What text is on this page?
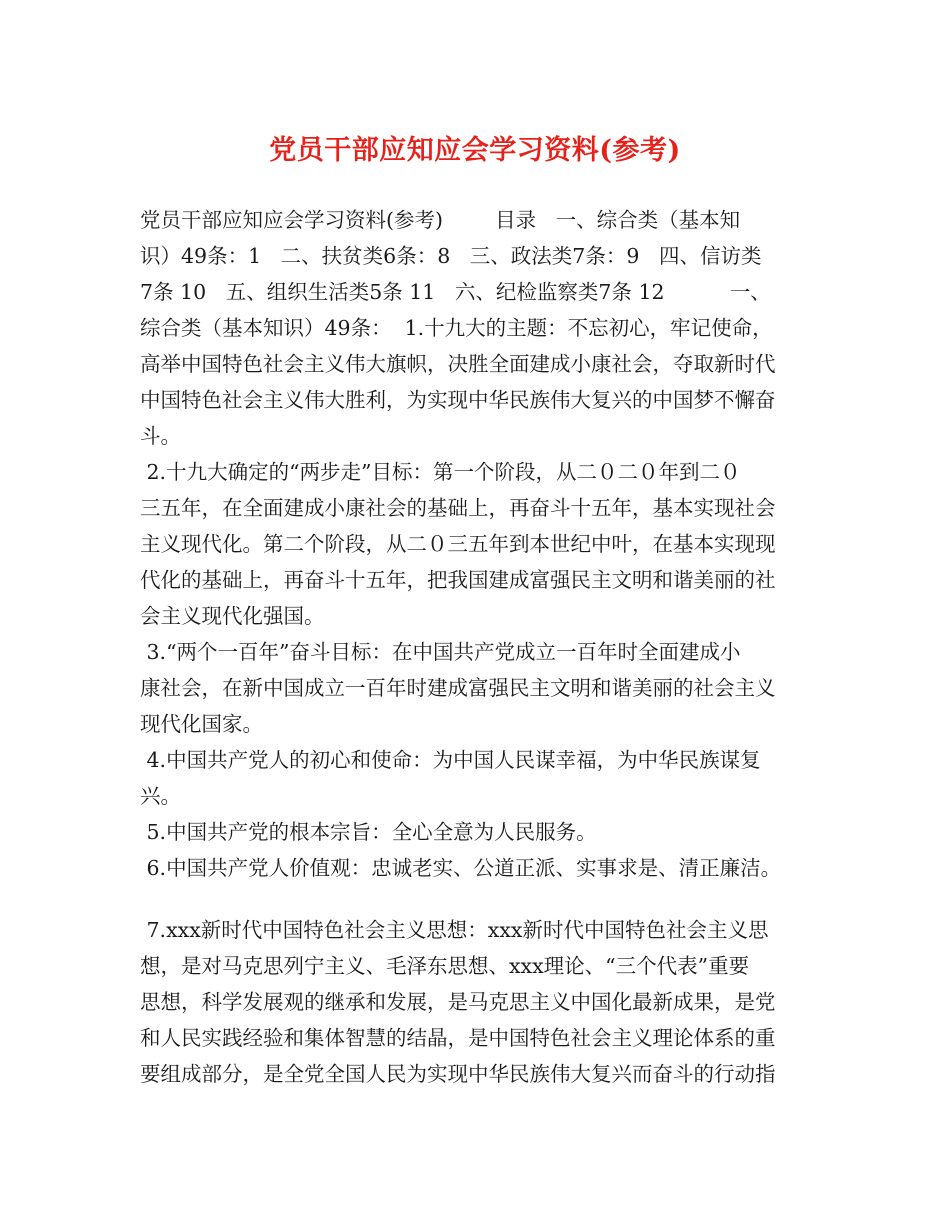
党员干部应知应会学习资料(参考)
党员干部应知应会学习资料(参考)        目录   一、综合类（基本知
识）49条：1   二、扶贫类6条：8   三、政法类7条：9   四、信访类
7条 10   五、组织生活类5条 11   六、纪检监察类7条 12          一、
综合类（基本知识）49条：  1.十九大的主题：不忘初心，牢记使命，
高举中国特色社会主义伟大旗帜，决胜全面建成小康社会，夺取新时代
中国特色社会主义伟大胜利，为实现中华民族伟大复兴的中国梦不懈奋
斗。
2.十九大确定的“两步走”目标：第一个阶段，从二０二０年到二０
三五年，在全面建成小康社会的基础上，再奋斗十五年，基本实现社会
主义现代化。第二个阶段，从二０三五年到本世纪中叶，在基本实现现
代化的基础上，再奋斗十五年，把我国建成富强民主文明和谐美丽的社
会主义现代化强国。
3.“两个一百年”奋斗目标：在中国共产党成立一百年时全面建成小
康社会，在新中国成立一百年时建成富强民主文明和谐美丽的社会主义
现代化国家。
4.中国共产党人的初心和使命：为中国人民谋幸福，为中华民族谋复
兴。
5.中国共产党的根本宗旨：全心全意为人民服务。
6.中国共产党人价值观：忠诚老实、公道正派、实事求是、清正廉洁。
7.xxx新时代中国特色社会主义思想：xxx新时代中国特色社会主义思
想，是对马克思列宁主义、毛泽东思想、xxx理论、“三个代表”重要
思想，科学发展观的继承和发展，是马克思主义中国化最新成果，是党
和人民实践经验和集体智慧的结晶，是中国特色社会主义理论体系的重
要组成部分，是全党全国人民为实现中华民族伟大复兴而奋斗的行动指
